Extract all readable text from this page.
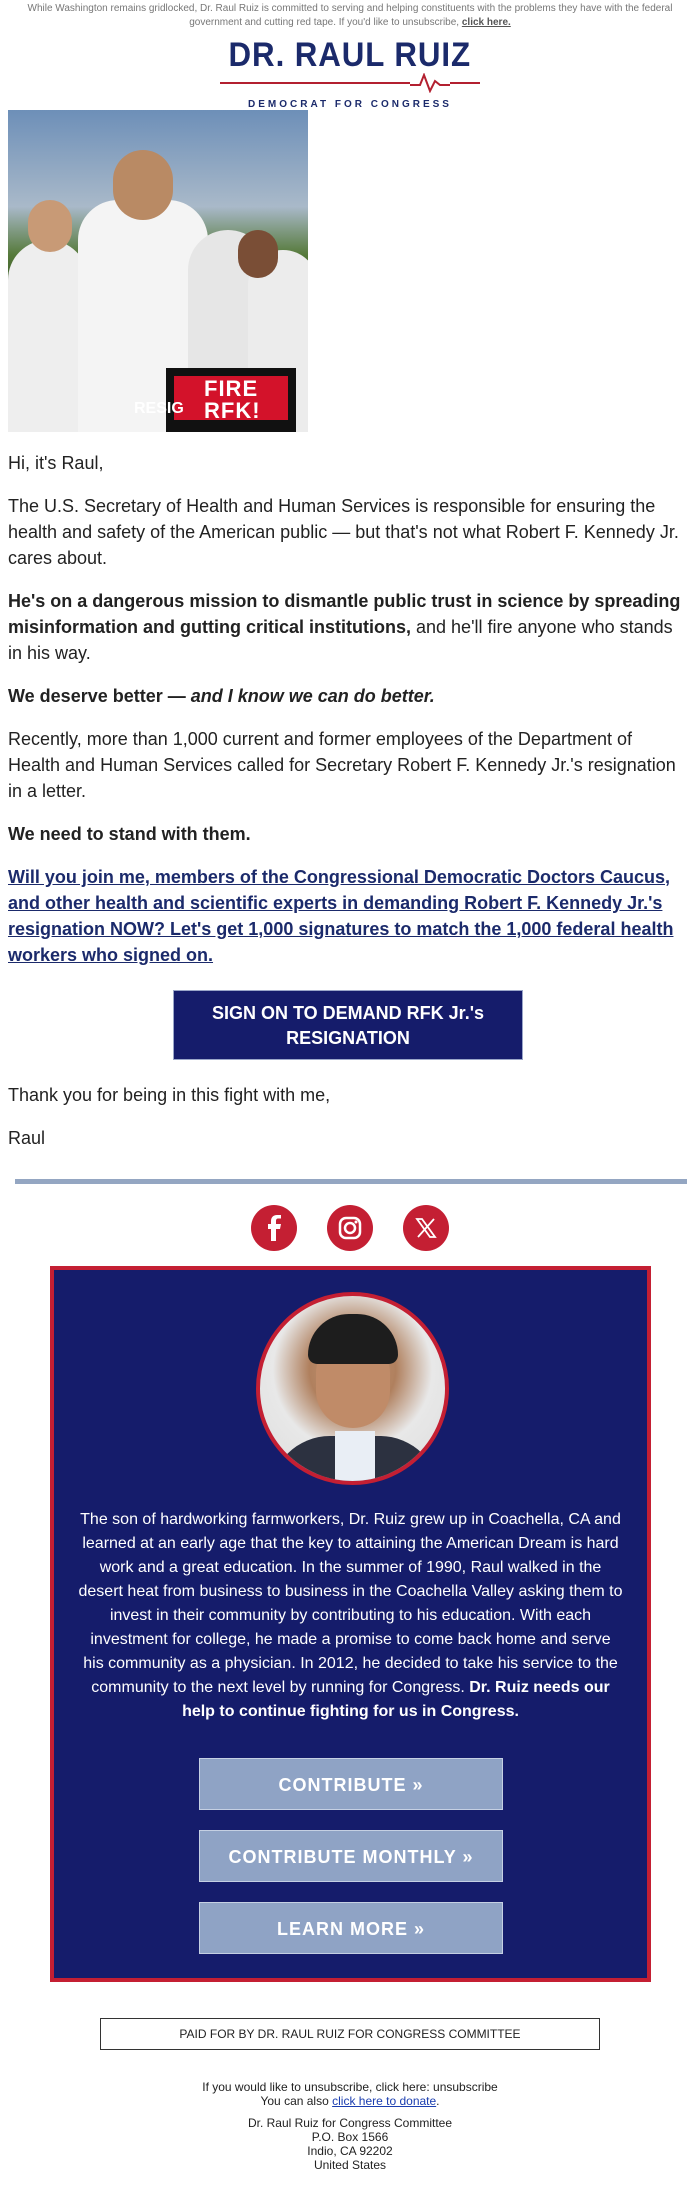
While Washington remains gridlocked, Dr. Raul Ruiz is committed to serving and helping constituents with the problems they have with the federal government and cutting red tape. If you'd like to unsubscribe, click here.
DR. RAUL RUIZ
DEMOCRAT FOR CONGRESS
FIRE
RFK!
RESIG

Hi, it's Raul,

The U.S. Secretary of Health and Human Services is responsible for ensuring the health and safety of the American public — but that's not what Robert F. Kennedy Jr. cares about.

He's on a dangerous mission to dismantle public trust in science by spreading misinformation and gutting critical institutions, and he'll fire anyone who stands in his way.

We deserve better — and I know we can do better.

Recently, more than 1,000 current and former employees of the Department of Health and Human Services called for Secretary Robert F. Kennedy Jr.'s resignation in a letter.

We need to stand with them.

Will you join me, members of the Congressional Democratic Doctors Caucus, and other health and scientific experts in demanding Robert F. Kennedy Jr.'s resignation NOW? Let's get 1,000 signatures to match the 1,000 federal health workers who signed on.

SIGN ON TO DEMAND RFK Jr.'s RESIGNATION

Thank you for being in this fight with me,

Raul

The son of hardworking farmworkers, Dr. Ruiz grew up in Coachella, CA and learned at an early age that the key to attaining the American Dream is hard work and a great education. In the summer of 1990, Raul walked in the desert heat from business to business in the Coachella Valley asking them to invest in their community by contributing to his education. With each investment for college, he made a promise to come back home and serve his community as a physician. In 2012, he decided to take his service to the community to the next level by running for Congress. Dr. Ruiz needs our help to continue fighting for us in Congress.
CONTRIBUTE »
CONTRIBUTE MONTHLY »
LEARN MORE »
PAID FOR BY DR. RAUL RUIZ FOR CONGRESS COMMITTEE
If you would like to unsubscribe, click here: unsubscribe
You can also click here to donate.
Dr. Raul Ruiz for Congress Committee
P.O. Box 1566
Indio, CA 92202
United States
